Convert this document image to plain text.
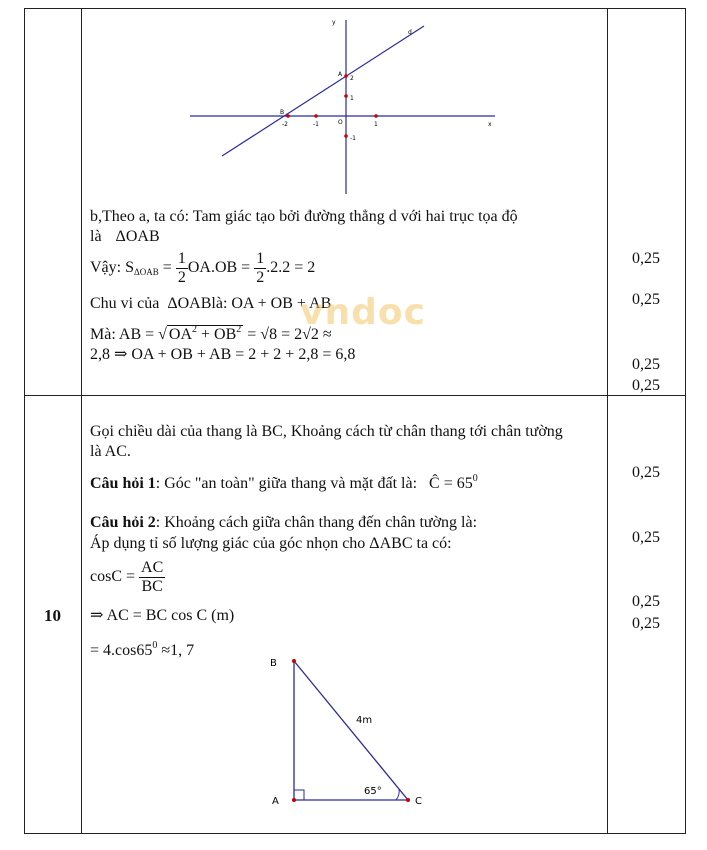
x
y
d
A
B
O
2
1
-1
1
-1
-2
b,Theo a, ta có: Tam giác tạo bởi đường thẳng d với hai trục tọa độ
là ΔOAB
Vậy: $S_{\Delta OAB} = \frac{1}{2} OA.OB = \frac{1}{2} .2.2 = 2$
Chu vi của ΔOABlà: OA + OB + AB
Mà: AB = √ $OA^2 + OB^2 = √8 = 2√2$ ≈
2,8 ⇒ OA + OB + AB = 2 + 2 + 2,8 = 6,8
vndoc
0,25
0,25
0,25
0,25
10
Gọi chiều dài của thang là BC, Khoảng cách từ chân thang tới chân tường
là AC.
Câu hỏi 1: Góc "an toàn" giữa thang và mặt đất là: Ĉ = $65^0$
Câu hỏi 2: Khoảng cách giữa chân thang đến chân tường là:
Áp dụng tỉ số lượng giác của góc nhọn cho ΔABC ta có:
$\cos C = \frac{AC}{BC}$
⇒ AC = BC cos C (m)
= $4.\cos 65^0 \approx 1$, 7
0,25
0,25
0,25
0,25
B
A	C
4m
65°
